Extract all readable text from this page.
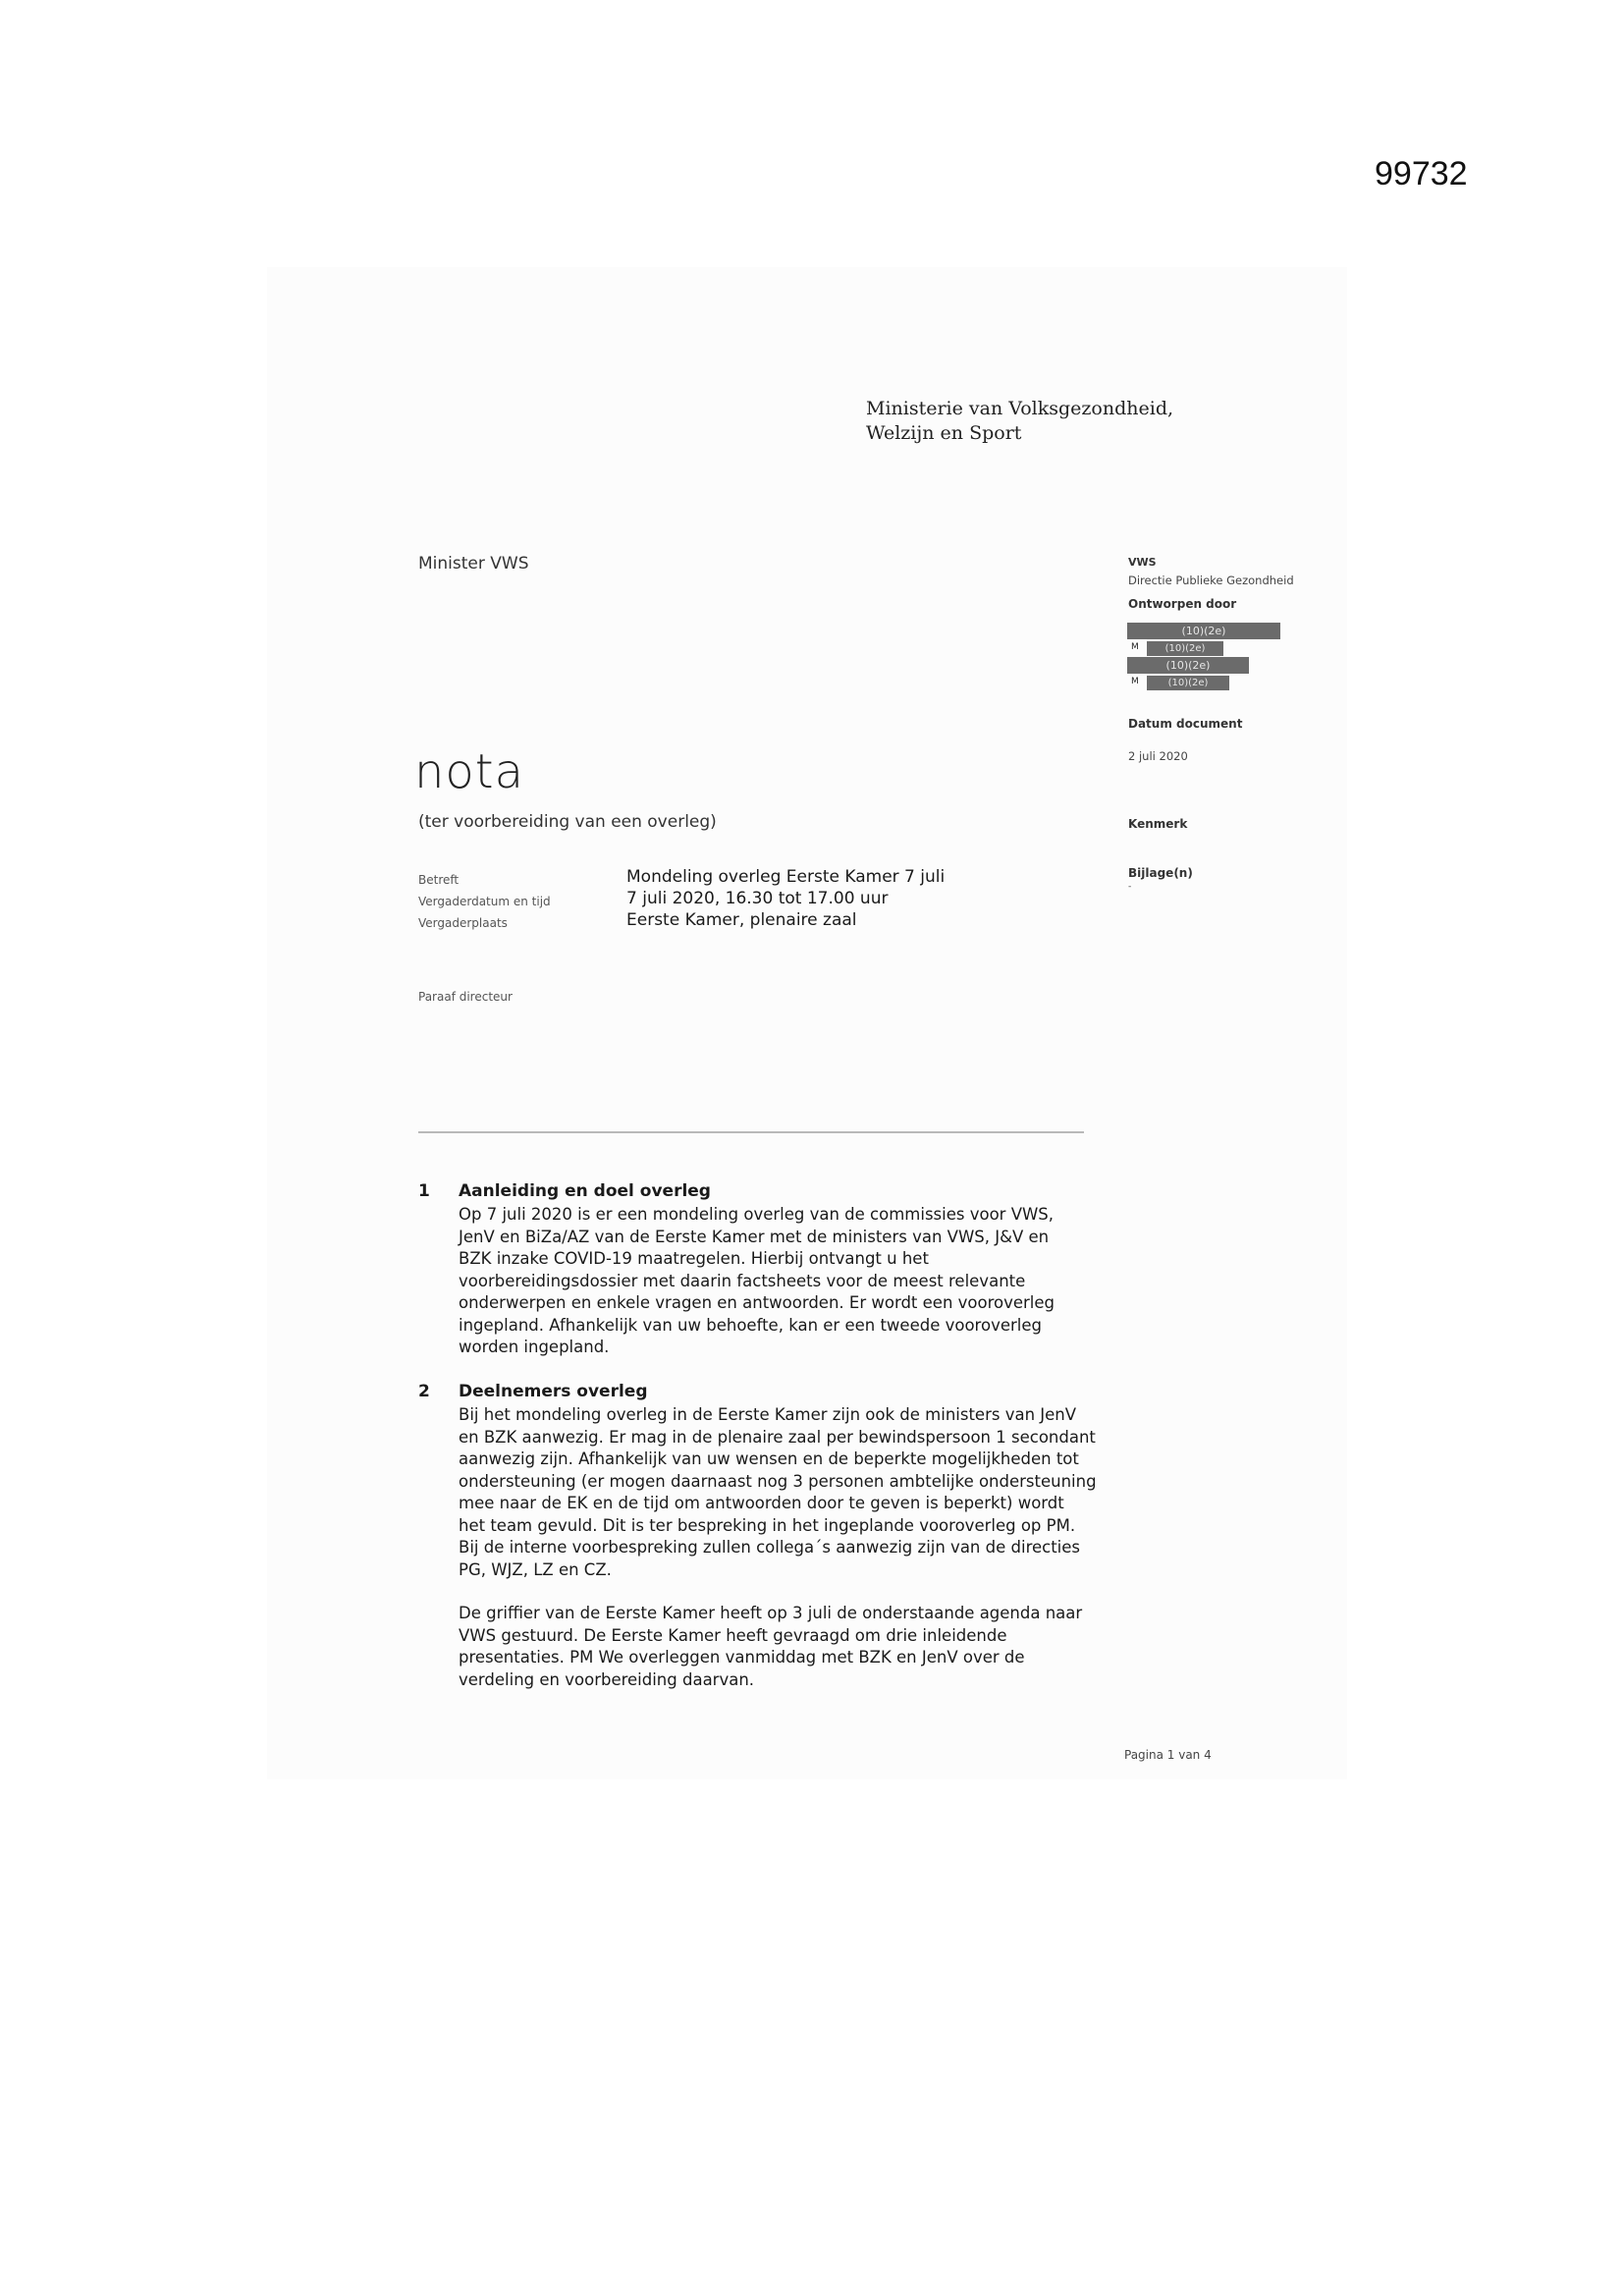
99732
Ministerie van Volksgezondheid,
Welzijn en Sport
Minister VWS	VWS
Directie Publieke Gezondheid
Ontworpen door
(10)(2e)
M	(10)(2e)
(10)(2e)
M	(10)(2e)
Datum document
2 juli 2020
Kenmerk
Bijlage(n)
-
nota
(ter voorbereiding van een overleg)
Betreft	Mondeling overleg Eerste Kamer 7 juli
Vergaderdatum en tijd	7 juli 2020, 16.30 tot 17.00 uur
Vergaderplaats	Eerste Kamer, plenaire zaal
Paraaf directeur
1 Aanleiding en doel overleg
Op 7 juli 2020 is er een mondeling overleg van de commissies voor VWS,
JenV en BiZa/AZ van de Eerste Kamer met de ministers van VWS, J&V en
BZK inzake COVID-19 maatregelen. Hierbij ontvangt u het
voorbereidingsdossier met daarin factsheets voor de meest relevante
onderwerpen en enkele vragen en antwoorden. Er wordt een vooroverleg
ingepland. Afhankelijk van uw behoefte, kan er een tweede vooroverleg
worden ingepland.
2 Deelnemers overleg
Bij het mondeling overleg in de Eerste Kamer zijn ook de ministers van JenV
en BZK aanwezig. Er mag in de plenaire zaal per bewindspersoon 1 secondant
aanwezig zijn. Afhankelijk van uw wensen en de beperkte mogelijkheden tot
ondersteuning (er mogen daarnaast nog 3 personen ambtelijke ondersteuning
mee naar de EK en de tijd om antwoorden door te geven is beperkt) wordt
het team gevuld. Dit is ter bespreking in het ingeplande vooroverleg op PM.
Bij de interne voorbespreking zullen collega´s aanwezig zijn van de directies
PG, WJZ, LZ en CZ.
De griffier van de Eerste Kamer heeft op 3 juli de onderstaande agenda naar
VWS gestuurd. De Eerste Kamer heeft gevraagd om drie inleidende
presentaties. PM We overleggen vanmiddag met BZK en JenV over de
verdeling en voorbereiding daarvan.
Pagina 1 van 4
